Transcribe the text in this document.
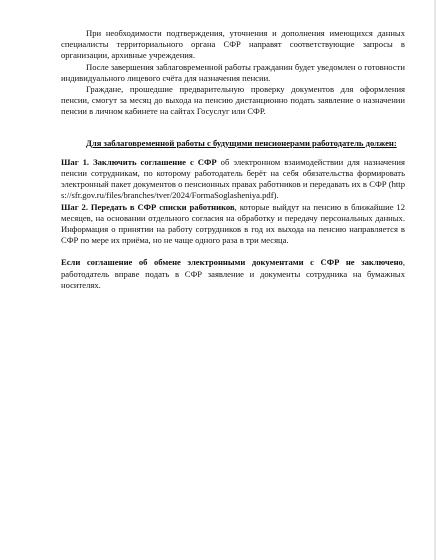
При необходимости подтверждения, уточнения и дополнения имеющихся данных специалисты территориального органа СФР направят соответствующие запросы в организации, архивные учреждения.

После завершения заблаговременной работы гражданин будет уведомлен о готовности индивидуального лицевого счёта для назначения пенсии.

Граждане, прошедшие предварительную проверку документов для оформления пенсии, смогут за месяц до выхода на пенсию дистанционно подать заявление о назначении пенсии в личном кабинете на сайтах Госуслуг или СФР.

Для заблаговременной работы с будущими пенсионерами работодатель должен:

Шаг 1. Заключить соглашение с СФР об электронном взаимодействии для назначения пенсии сотрудникам, по которому работодатель берёт на себя обязательства формировать электронный пакет документов о пенсионных правах работников и передавать их в СФР (https://sfr.gov.ru/files/branches/tver/2024/FormaSoglasheniya.pdf).

Шаг 2. Передать в СФР списки работников, которые выйдут на пенсию в ближайшие 12 месяцев, на основании отдельного согласия на обработку и передачу персональных данных. Информация о принятии на работу сотрудников в год их выхода на пенсию направляется в СФР по мере их приёма, но не чаще одного раза в три месяца.

Если соглашение об обмене электронными документами с СФР не заключено, работодатель вправе подать в СФР заявление и документы сотрудника на бумажных носителях.
